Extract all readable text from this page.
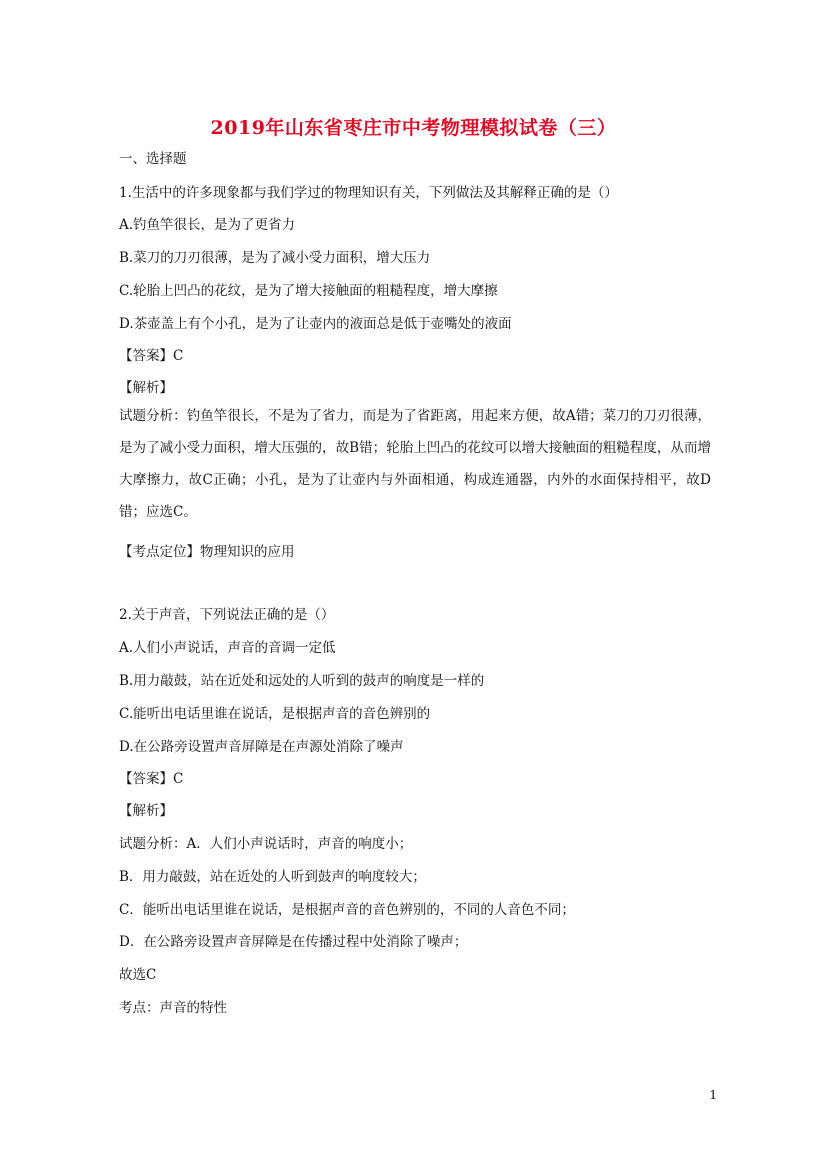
2019年山东省枣庄市中考物理模拟试卷（三）
一、选择题
1.生活中的许多现象都与我们学过的物理知识有关，下列做法及其解释正确的是（）
A.钓鱼竿很长，是为了更省力
B.菜刀的刀刃很薄，是为了减小受力面积，增大压力
C.轮胎上凹凸的花纹，是为了增大接触面的粗糙程度，增大摩擦
D.茶壶盖上有个小孔，是为了让壶内的液面总是低于壶嘴处的液面
【答案】C
【解析】
试题分析：钓鱼竿很长，不是为了省力，而是为了省距离，用起来方便，故A错；菜刀的刀刃很薄，是为了减小受力面积，增大压强的，故B错；轮胎上凹凸的花纹可以增大接触面的粗糙程度，从而增大摩擦力，故C正确；小孔，是为了让壶内与外面相通，构成连通器，内外的水面保持相平，故D错；应选C。
【考点定位】物理知识的应用
2.关于声音，下列说法正确的是（）
A.人们小声说话，声音的音调一定低
B.用力敲鼓，站在近处和远处的人听到的鼓声的响度是一样的
C.能听出电话里谁在说话，是根据声音的音色辨别的
D.在公路旁设置声音屏障是在声源处消除了噪声
【答案】C
【解析】
试题分析：A．人们小声说话时，声音的响度小；
B．用力敲鼓，站在近处的人听到鼓声的响度较大；
C．能听出电话里谁在说话，是根据声音的音色辨别的，不同的人音色不同；
D．在公路旁设置声音屏障是在传播过程中处消除了噪声；
故选C
考点：声音的特性
1
